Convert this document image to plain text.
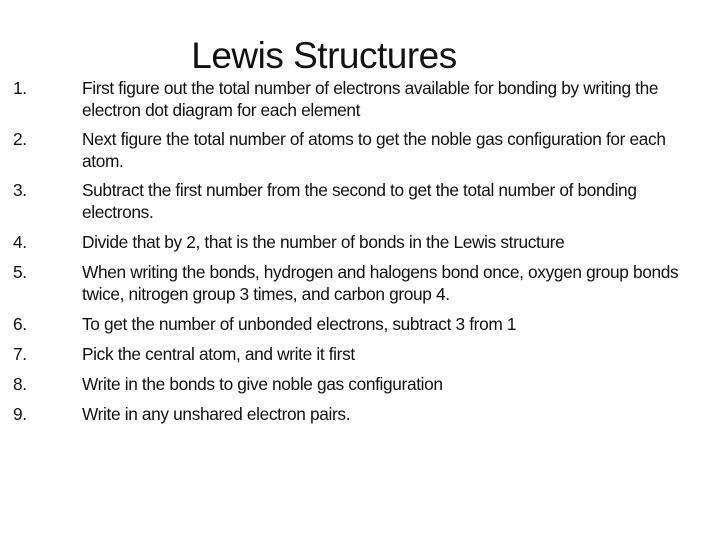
Lewis Structures
1.	First figure out the total number of electrons available for bonding by writing the electron dot diagram for each element
2.	Next figure the total number of atoms to get the noble gas configuration for each atom.
3.	Subtract the first number from the second to get the total number of bonding electrons.
4.	Divide that by 2, that is the number of bonds in the Lewis structure
5.	When writing the bonds, hydrogen and halogens bond once, oxygen group bonds twice, nitrogen group 3 times, and carbon group 4.
6.	To get the number of unbonded electrons, subtract 3 from 1
7.	Pick the central atom, and write it first
8.	Write in the bonds to give noble gas configuration
9.	Write in any unshared electron pairs.
